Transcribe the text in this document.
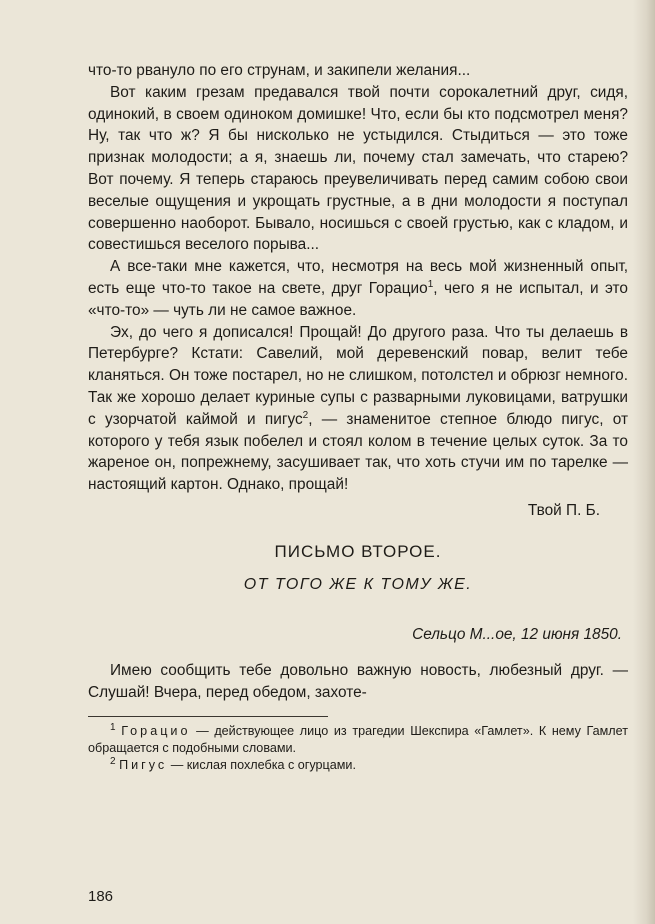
что-то рвануло по его струнам, и закипели желания...

Вот каким грезам предавался твой почти сорокалетний друг, сидя, одинокий, в своем одиноком домишке! Что, если бы кто подсмотрел меня? Ну, так что ж? Я бы нисколько не устыдился. Стыдиться — это тоже признак молодости; а я, знаешь ли, почему стал замечать, что старею? Вот почему. Я теперь стараюсь преувеличивать перед самим собою свои веселые ощущения и укрощать грустные, а в дни молодости я поступал совершенно наоборот. Бывало, носишься с своей грустью, как с кладом, и совестишься веселого порыва...

А все-таки мне кажется, что, несмотря на весь мой жизненный опыт, есть еще что-то такое на свете, друг Горацио$^1$, чего я не испытал, и это «что-то» — чуть ли не самое важное.

Эх, до чего я дописался! Прощай! До другого раза. Что ты делаешь в Петербурге? Кстати: Савелий, мой деревенский повар, велит тебе кланяться. Он тоже постарел, но не слишком, потолстел и обрюзг немного. Так же хорошо делает куриные супы с разварными луковицами, ватрушки с узорчатой каймой и пигус$^2$, — знаменитое степное блюдо пигус, от которого у тебя язык побелел и стоял колом в течение целых суток. За то жареное он, попрежнему, засушивает так, что хоть стучи им по тарелке — настоящий картон. Однако, прощай!

Твой П. Б.

ПИСЬМО ВТОРОЕ.

ОТ ТОГО ЖЕ К ТОМУ ЖЕ.

Сельцо М...ое, 12 июня 1850.

Имею сообщить тебе довольно важную новость, любезный друг. — Слушай! Вчера, перед обедом, захоте-

$^1$ Горацио — действующее лицо из трагедии Шекспира «Гамлет». К нему Гамлет обращается с подобными словами.

$^2$ Пигус — кислая похлебка с огурцами.

186
